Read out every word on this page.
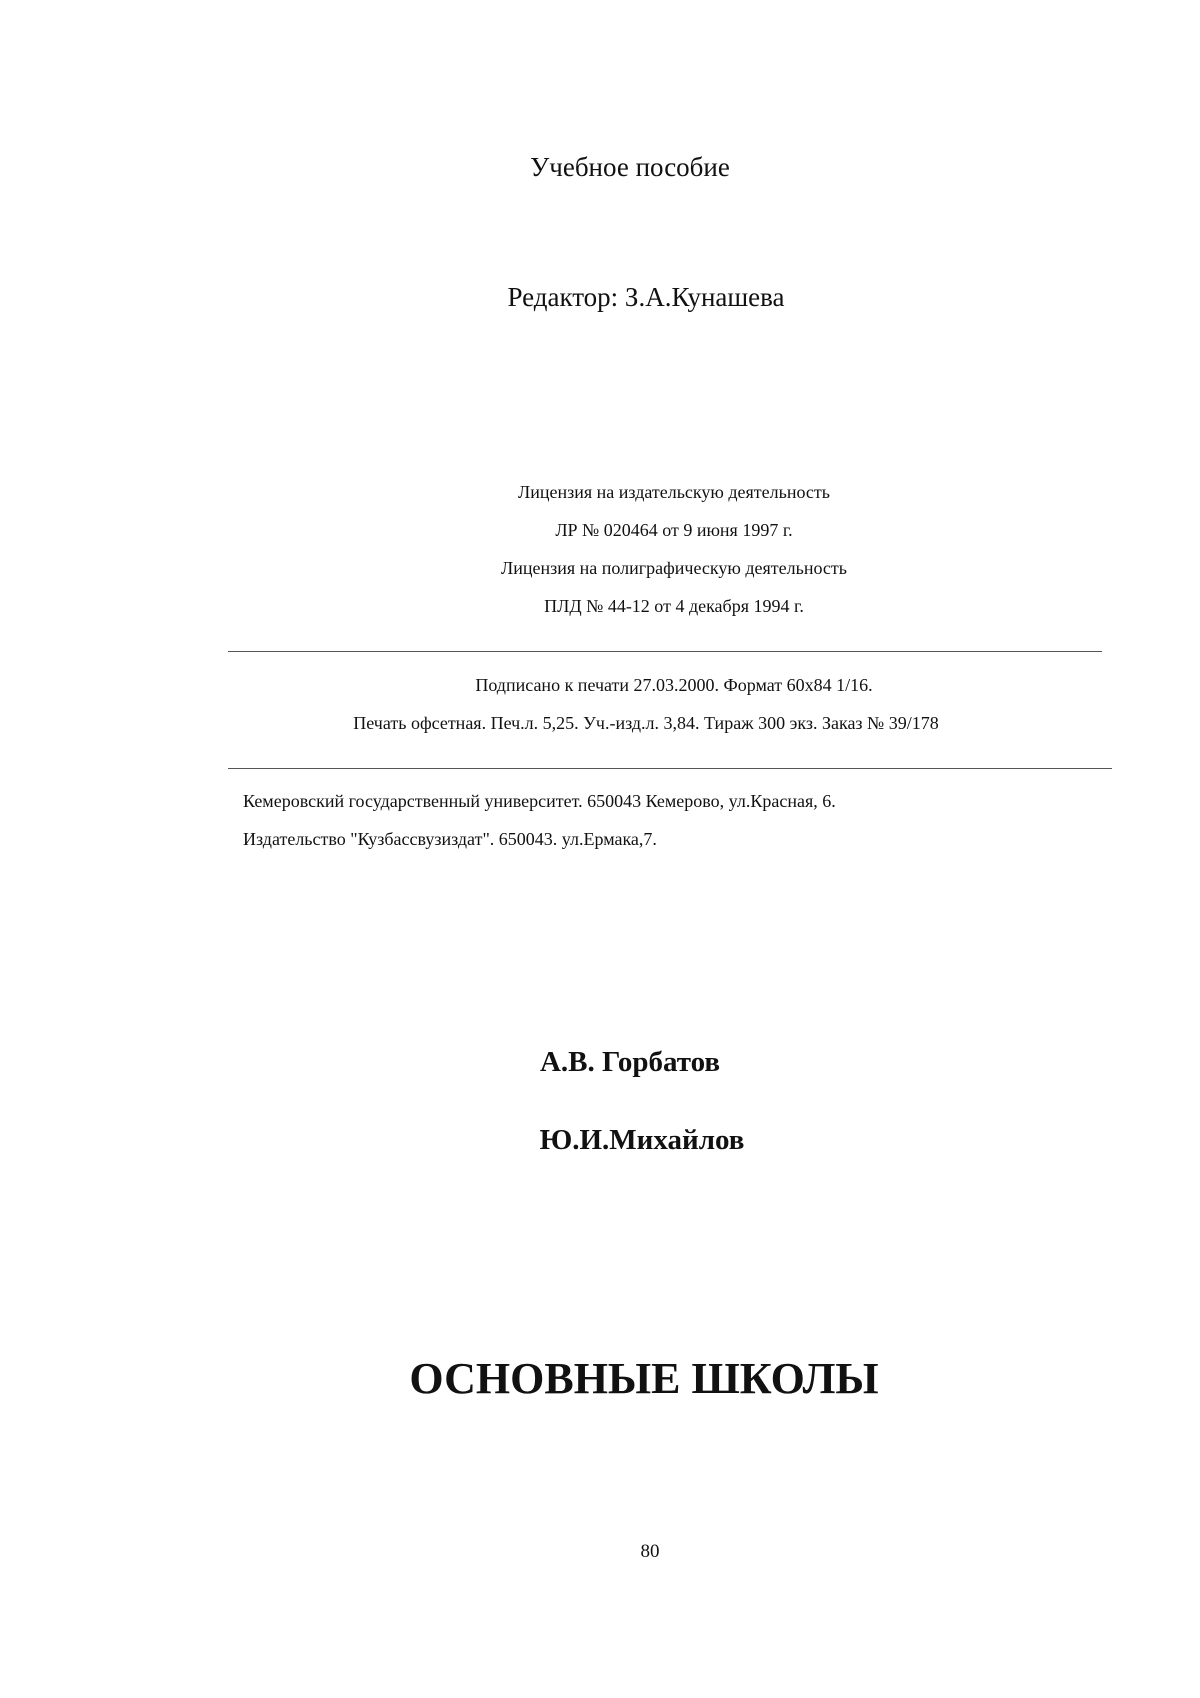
Учебное пособие
Редактор: З.А.Кунашева
Лицензия на издательскую деятельность
ЛР № 020464 от 9 июня 1997 г.
Лицензия на полиграфическую деятельность
ПЛД № 44-12 от 4 декабря 1994 г.
Подписано к печати 27.03.2000. Формат 60х84 1/16.
Печать офсетная. Печ.л. 5,25. Уч.-изд.л. 3,84. Тираж 300 экз. Заказ № 39/178
Кемеровский государственный университет. 650043 Кемерово, ул.Красная, 6.
Издательство "Кузбассвузиздат". 650043. ул.Ермака,7.
А.В. Горбатов
Ю.И.Михайлов
ОСНОВНЫЕ ШКОЛЫ
80
